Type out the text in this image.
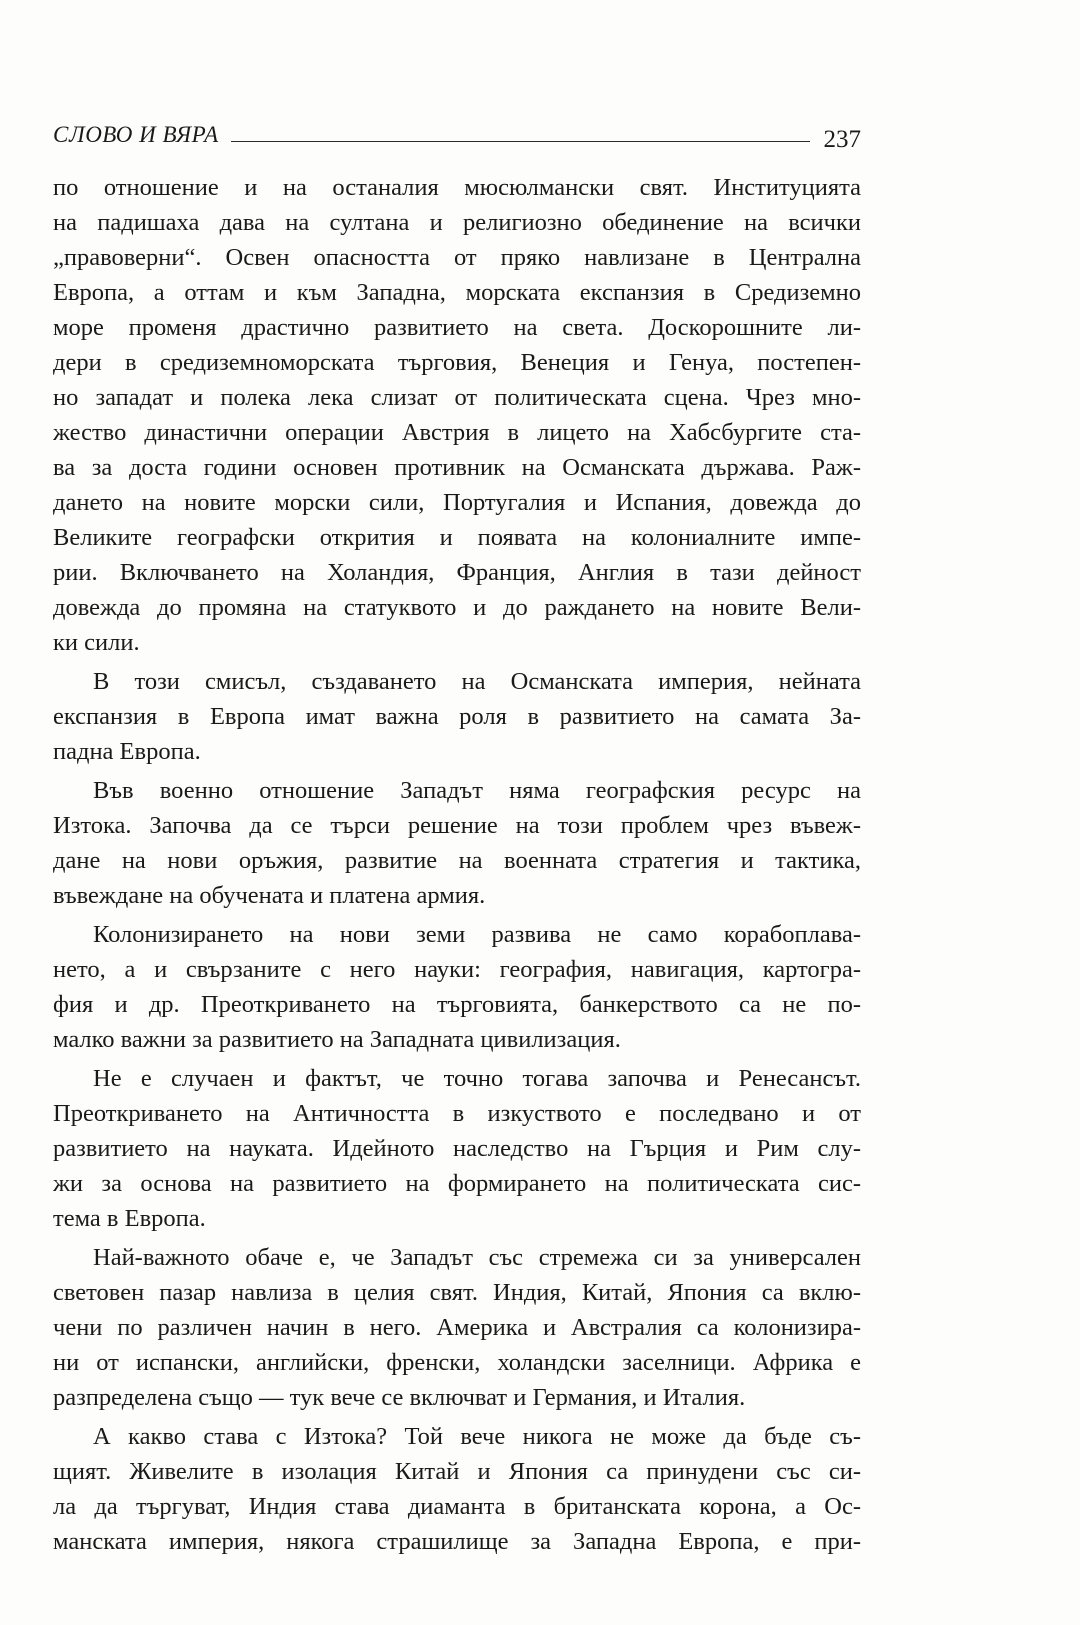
СЛОВО И ВЯРА	237
по отношение и на останалия мюсюлмански свят. Институцията
на падишаха дава на султана и религиозно обединение на всички
„правоверни“. Освен опасността от пряко навлизане в Централна
Европа, а оттам и към Западна, морската експанзия в Средиземно
море променя драстично развитието на света. Доскорошните ли-
дери в средиземноморската търговия, Венеция и Генуа, постепен-
но западат и полека лека слизат от политическата сцена. Чрез мно-
жество династични операции Австрия в лицето на Хабсбургите ста-
ва за доста години основен противник на Османската държава. Раж-
дането на новите морски сили, Португалия и Испания, довежда до
Великите географски открития и появата на колониалните импе-
рии. Включването на Холандия, Франция, Англия в тази дейност
довежда до промяна на статуквото и до раждането на новите Вели-
ки сили.
В този смисъл, създаването на Османската империя, нейната
експанзия в Европа имат важна роля в развитието на самата За-
падна Европа.
Във военно отношение Западът няма географския ресурс на
Изтока. Започва да се търси решение на този проблем чрез въвеж-
дане на нови оръжия, развитие на военната стратегия и тактика,
въвеждане на обучената и платена армия.
Колонизирането на нови земи развива не само корабоплава-
нето, а и свързаните с него науки: география, навигация, картогра-
фия и др. Преоткриването на търговията, банкерството са не по-
малко важни за развитието на Западната цивилизация.
Не е случаен и фактът, че точно тогава започва и Ренесансът.
Преоткриването на Античността в изкуството е последвано и от
развитието на науката. Идейното наследство на Гърция и Рим слу-
жи за основа на развитието на формирането на политическата сис-
тема в Европа.
Най-важното обаче е, че Западът със стремежа си за универсален
световен пазар навлиза в целия свят. Индия, Китай, Япония са вклю-
чени по различен начин в него. Америка и Австралия са колонизира-
ни от испански, английски, френски, холандски заселници. Африка е
разпределена също — тук вече се включват и Германия, и Италия.
А какво става с Изтока? Той вече никога не може да бъде съ-
щият. Живелите в изолация Китай и Япония са принудени със си-
ла да търгуват, Индия става диаманта в британската корона, а Ос-
манската империя, някога страшилище за Западна Европа, е при-
